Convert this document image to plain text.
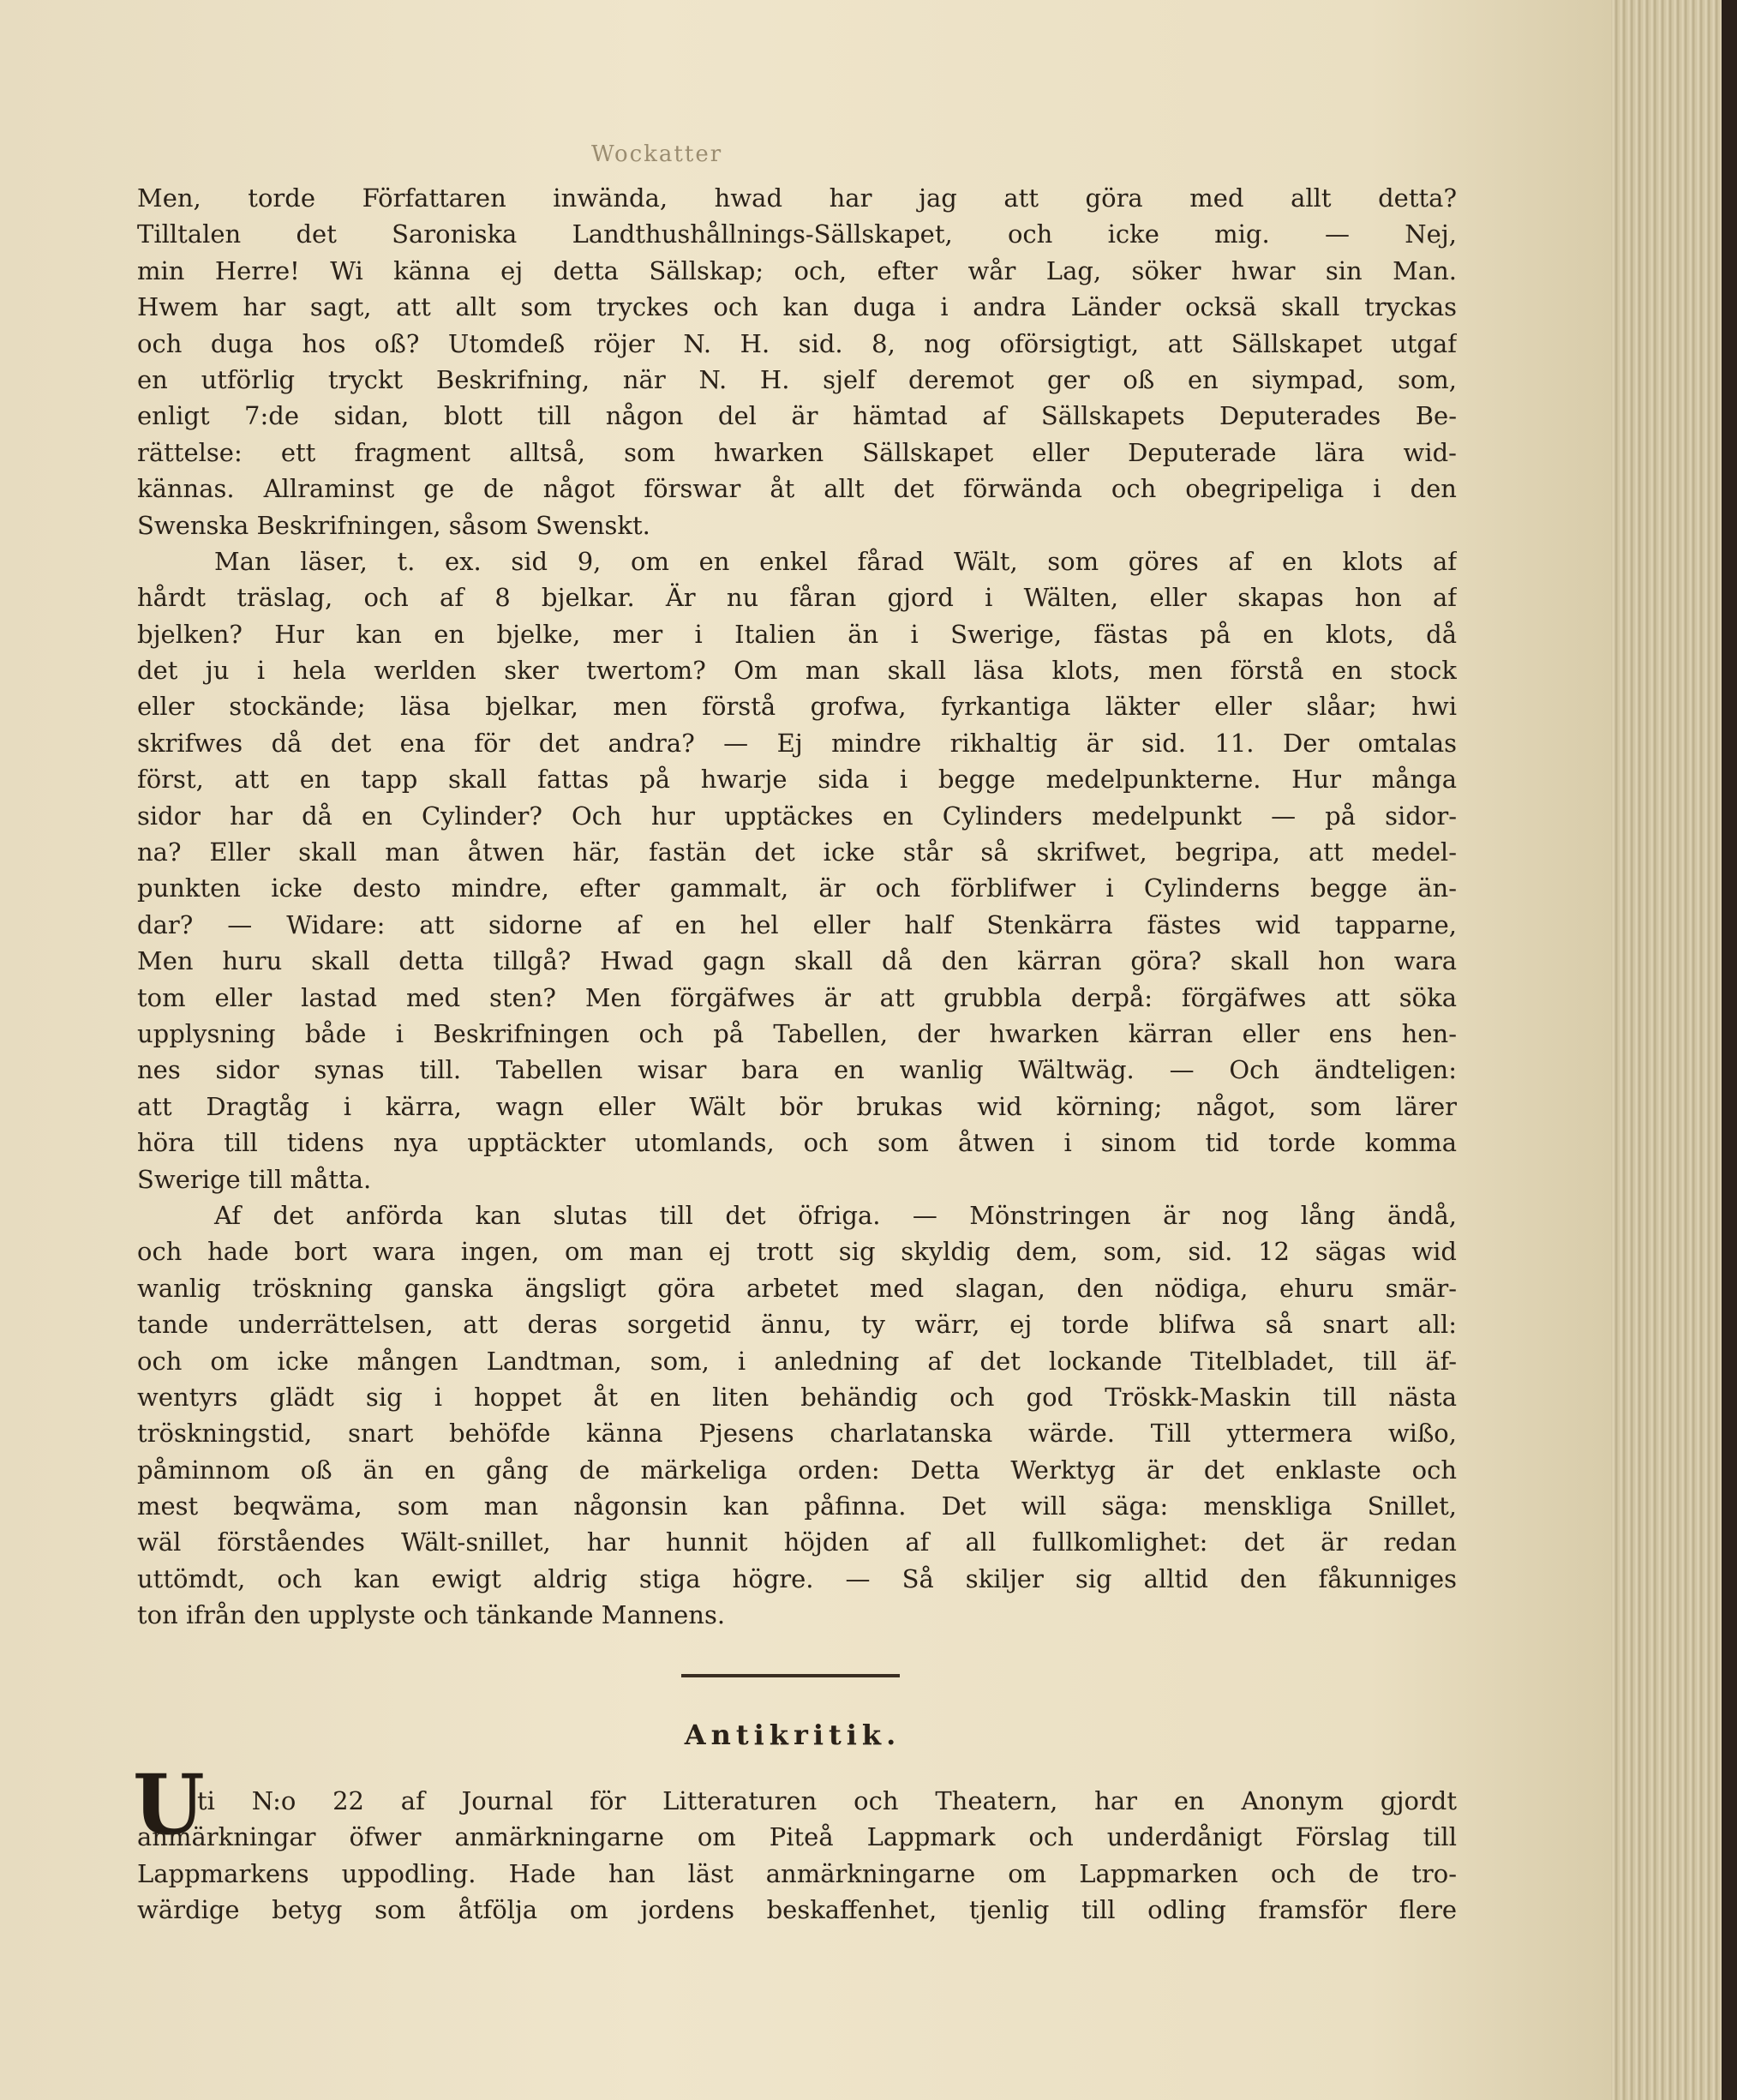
Wockatter
Men, torde Författaren inwända, hwad har jag att göra med allt detta?
Tilltalen det Saroniska Landthushållnings-Sällskapet, och icke mig. — Nej,
min Herre! Wi känna ej detta Sällskap; och, efter wår Lag, söker hwar sin Man.
Hwem har sagt, att allt som tryckes och kan duga i andra Länder ocksä skall tryckas
och duga hos oß? Utomdeß röjer N. H. sid. 8, nog oförsigtigt, att Sällskapet utgaf
en utförlig tryckt Beskrifning, när N. H. sjelf deremot ger oß en siympad, som,
enligt 7:de sidan, blott till någon del är hämtad af Sällskapets Deputerades Be-
rättelse: ett fragment alltså, som hwarken Sällskapet eller Deputerade lära wid-
kännas. Allraminst ge de något förswar åt allt det förwända och obegripeliga i den
Swenska Beskrifningen, såsom Swenskt.
Man läser, t. ex. sid 9, om en enkel fårad Wält, som göres af en klots af
hårdt träslag, och af 8 bjelkar. Är nu fåran gjord i Wälten, eller skapas hon af
bjelken? Hur kan en bjelke, mer i Italien än i Swerige, fästas på en klots, då
det ju i hela werlden sker twertom? Om man skall läsa klots, men förstå en stock
eller stockände; läsa bjelkar, men förstå grofwa, fyrkantiga läkter eller slåar; hwi
skrifwes då det ena för det andra? — Ej mindre rikhaltig är sid. 11. Der omtalas
först, att en tapp skall fattas på hwarje sida i begge medelpunkterne. Hur många
sidor har då en Cylinder? Och hur upptäckes en Cylinders medelpunkt — på sidor-
na? Eller skall man åtwen här, fastän det icke står så skrifwet, begripa, att medel-
punkten icke desto mindre, efter gammalt, är och förblifwer i Cylinderns begge än-
dar? — Widare: att sidorne af en hel eller half Stenkärra fästes wid tapparne,
Men huru skall detta tillgå? Hwad gagn skall då den kärran göra? skall hon wara
tom eller lastad med sten? Men förgäfwes är att grubbla derpå: förgäfwes att söka
upplysning både i Beskrifningen och på Tabellen, der hwarken kärran eller ens hen-
nes sidor synas till. Tabellen wisar bara en wanlig Wältwäg. — Och ändteligen:
att Dragtåg i kärra, wagn eller Wält bör brukas wid körning; något, som lärer
höra till tidens nya upptäckter utomlands, och som åtwen i sinom tid torde komma
Swerige till måtta.
Af det anförda kan slutas till det öfriga. — Mönstringen är nog lång ändå,
och hade bort wara ingen, om man ej trott sig skyldig dem, som, sid. 12 sägas wid
wanlig tröskning ganska ängsligt göra arbetet med slagan, den nödiga, ehuru smär-
tande underrättelsen, att deras sorgetid ännu, ty wärr, ej torde blifwa så snart all:
och om icke mången Landtman, som, i anledning af det lockande Titelbladet, till äf-
wentyrs glädt sig i hoppet åt en liten behändig och god Tröskk-Maskin till nästa
tröskningstid, snart behöfde känna Pjesens charlatanska wärde. Till yttermera wißo,
påminnom oß än en gång de märkeliga orden: Detta Werktyg är det enklaste och
mest beqwäma, som man någonsin kan påfinna. Det will säga: menskliga Snillet,
wäl förståendes Wält-snillet, har hunnit höjden af all fullkomlighet: det är redan
uttömdt, och kan ewigt aldrig stiga högre. — Så skiljer sig alltid den fåkunniges
ton ifrån den upplyste och tänkande Mannens.
Antikritik.
U
ti N:o 22 af Journal för Litteraturen och Theatern, har en Anonym gjordt
anmärkningar öfwer anmärkningarne om Piteå Lappmark och underdånigt Förslag till
Lappmarkens uppodling. Hade han läst anmärkningarne om Lappmarken och de tro-
wärdige betyg som åtfölja om jordens beskaffenhet, tjenlig till odling framsför flere
